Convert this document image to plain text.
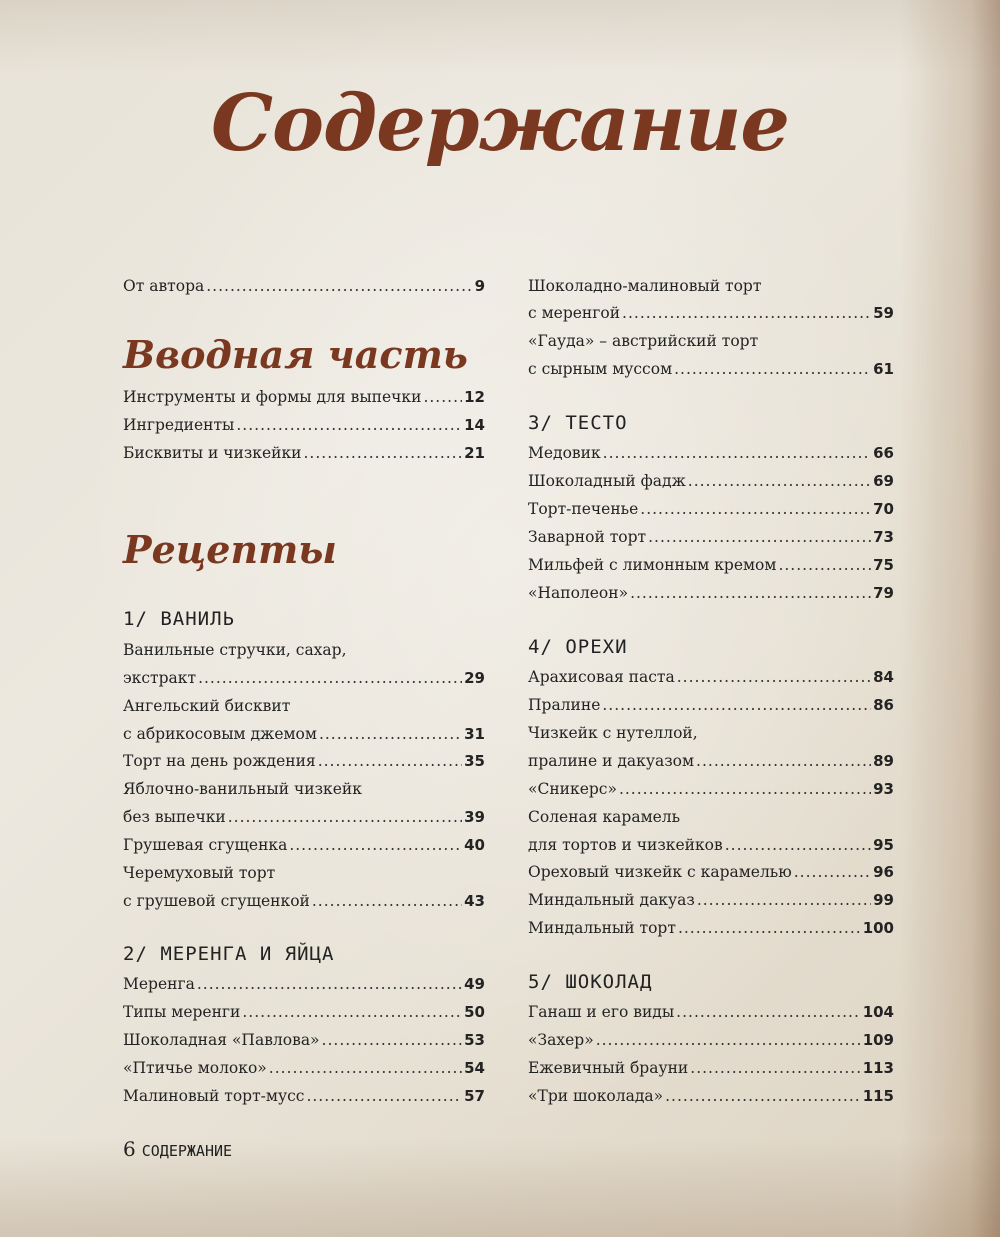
Содержание
От автора .....	9
Вводная часть
Инструменты и формы для выпечки .....	12
Ингредиенты .....	14
Бисквиты и чизкейки .....	21
Рецепты
1/ ВАНИЛЬ
Ванильные стручки, сахар,
экстракт .....	29
Ангельский бисквит
с абрикосовым джемом .....	31
Торт на день рождения .....	35
Яблочно-ванильный чизкейк
без выпечки .....	39
Грушевая сгущенка .....	40
Черемуховый торт
с грушевой сгущенкой .....	43
2/ МЕРЕНГА И ЯЙЦА
Меренга .....	49
Типы меренги .....	50
Шоколадная «Павлова» .....	53
«Птичье молоко» .....	54
Малиновый торт-мусс .....	57
Шоколадно-малиновый торт
с меренгой .....	59
«Гауда» – австрийский торт
с сырным муссом .....	61
3/ ТЕСТО
Медовик .....	66
Шоколадный фадж .....	69
Торт-печенье .....	70
Заварной торт .....	73
Мильфей с лимонным кремом .....	75
«Наполеон» .....	79
4/ ОРЕХИ
Арахисовая паста .....	84
Пралине .....	86
Чизкейк с нутеллой,
пралине и дакуазом .....	89
«Сникерс» .....	93
Соленая карамель
для тортов и чизкейков .....	95
Ореховый чизкейк с карамелью .....	96
Миндальный дакуаз .....	99
Миндальный торт .....	100
5/ ШОКОЛАД
Ганаш и его виды .....	104
«Захер» .....	109
Ежевичный брауни .....	113
«Три шоколада» .....	115
6 СОДЕРЖАНИЕ
